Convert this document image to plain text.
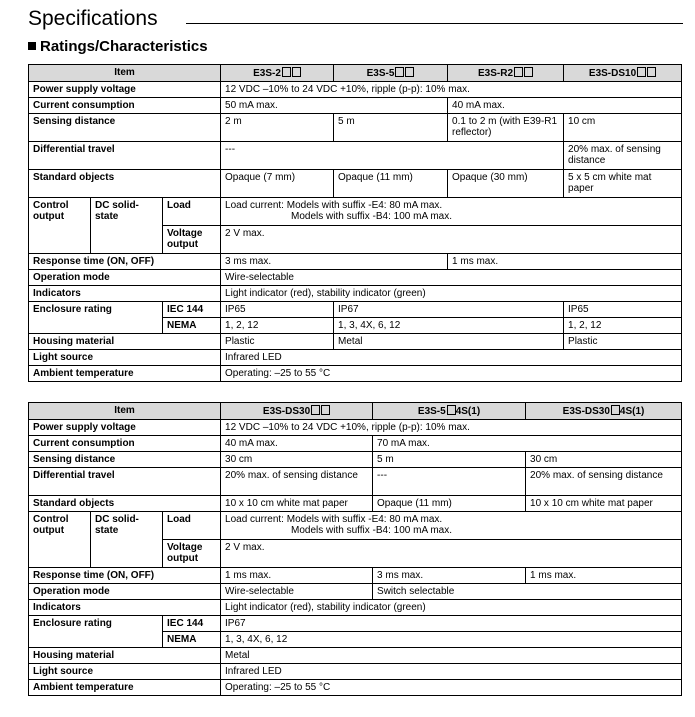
Specifications
Ratings/Characteristics
Item			E3S-2	E3S-5	E3S-R2	E3S-DS10
Power supply voltage			12 VDC –10% to 24 VDC +10%, ripple (p-p): 10% max.			
Current consumption			50 mA max.		40 mA max.	
Sensing distance			2 m	5 m	0.1 to 2 m (with E39-R1 reflector)	10 cm
Differential travel			---			20% max. of sensing distance
Standard objects			Opaque (7 mm)	Opaque (11 mm)	Opaque (30 mm)	5 x 5 cm white mat paper
Control output	DC solid-state	Load	Load current: Models with suffix -E4: 80 mA max.
Models with suffix -B4: 100 mA max.			

		Voltage output	2 V max.			
Response time (ON, OFF)			3 ms max.		1 ms max.	
Operation mode			Wire-selectable			
Indicators			Light indicator (red), stability indicator (green)			
Enclosure rating		IEC 144	IP65	IP67		IP65
		NEMA	1, 2, 12	1, 3, 4X, 6, 12		1, 2, 12
Housing material			Plastic	Metal		Plastic
Light source			Infrared LED			
Ambient temperature			Operating: –25 to 55 °C			
Item			E3S-DS30	E3S-5 4S(1)	E3S-DS30 4S(1)
Power supply voltage			12 VDC –10% to 24 VDC +10%, ripple (p-p): 10% max.		
Current consumption			40 mA max.	70 mA max.	
Sensing distance			30 cm	5 m	30 cm
Differential travel			20% max. of sensing distance	---	20% max. of sensing distance
Standard objects			10 x 10 cm white mat paper	Opaque (11 mm)	10 x 10 cm white mat paper
Control output	DC solid-state	Load	Load current: Models with suffix -E4: 80 mA max.
Models with suffix -B4: 100 mA max.		

		Voltage output	2 V max.		
Response time (ON, OFF)			1 ms max.	3 ms max.	1 ms max.
Operation mode			Wire-selectable	Switch selectable	
Indicators			Light indicator (red), stability indicator (green)		
Enclosure rating		IEC 144	IP67		
		NEMA	1, 3, 4X, 6, 12		
Housing material			Metal		
Light source			Infrared LED		
Ambient temperature			Operating: –25 to 55 °C		
